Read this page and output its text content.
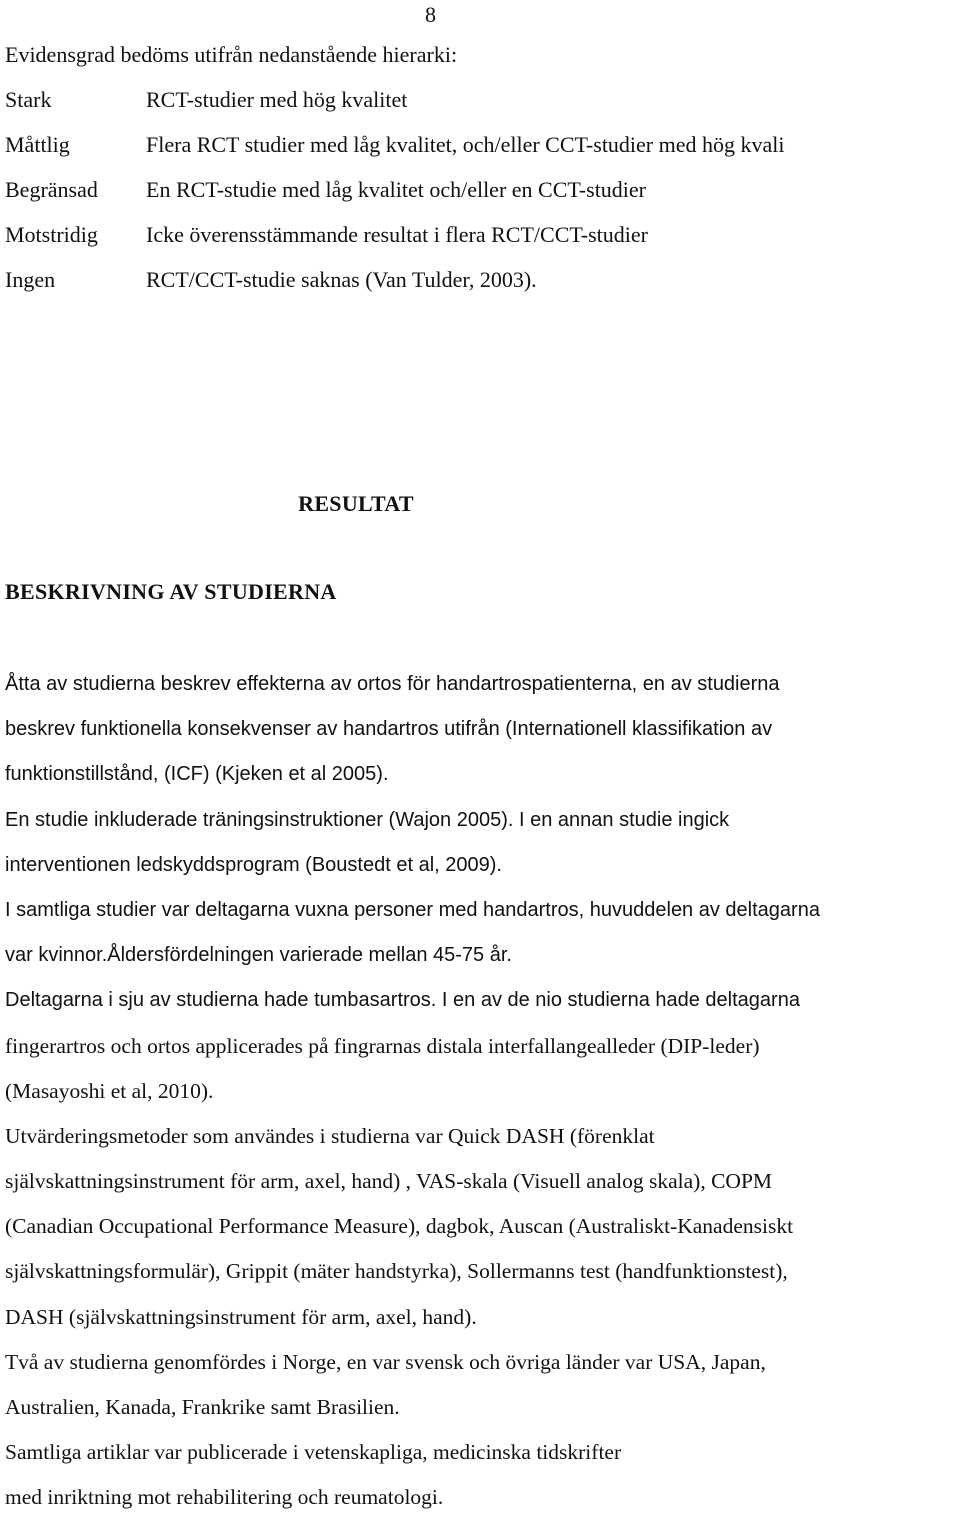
8
Evidensgrad bedöms utifrån nedanstående hierarki:
Stark	RCT-studier med hög kvalitet
Måttlig	Flera RCT studier med låg kvalitet, och/eller CCT-studier med hög kvali
Begränsad En RCT-studie med låg kvalitet och/eller en CCT-studier
Motstridig Icke överensstämmande resultat i flera RCT/CCT-studier
Ingen	RCT/CCT-studie saknas (Van Tulder, 2003).
RESULTAT
BESKRIVNING AV STUDIERNA
Åtta av studierna beskrev effekterna av ortos för handartrospatienterna, en av studierna
beskrev funktionella konsekvenser av handartros utifrån (Internationell klassifikation av
funktionstillstånd, (ICF) (Kjeken et al 2005).
En studie inkluderade träningsinstruktioner (Wajon 2005). I en annan studie ingick
interventionen ledskyddsprogram (Boustedt et al, 2009).
I samtliga studier var deltagarna vuxna personer med handartros, huvuddelen av deltagarna
var kvinnor.Åldersfördelningen varierade mellan 45-75 år.
Deltagarna i sju av studierna hade tumbasartros. I en av de nio studierna hade deltagarna
fingerartros och ortos applicerades på fingrarnas distala interfallangealleder (DIP-leder)
(Masayoshi et al, 2010).
Utvärderingsmetoder som användes i studierna var Quick DASH (förenklat
självskattningsinstrument för arm, axel, hand) , VAS-skala (Visuell analog skala), COPM
(Canadian Occupational Performance Measure), dagbok, Auscan (Australiskt-Kanadensiskt
självskattningsformulär), Grippit (mäter handstyrka), Sollermanns test (handfunktionstest),
DASH (självskattningsinstrument för arm, axel, hand).
Två av studierna genomfördes i Norge, en var svensk och övriga länder var USA, Japan,
Australien, Kanada, Frankrike samt Brasilien.
Samtliga artiklar var publicerade i vetenskapliga, medicinska tidskrifter
med inriktning mot rehabilitering och reumatologi.
